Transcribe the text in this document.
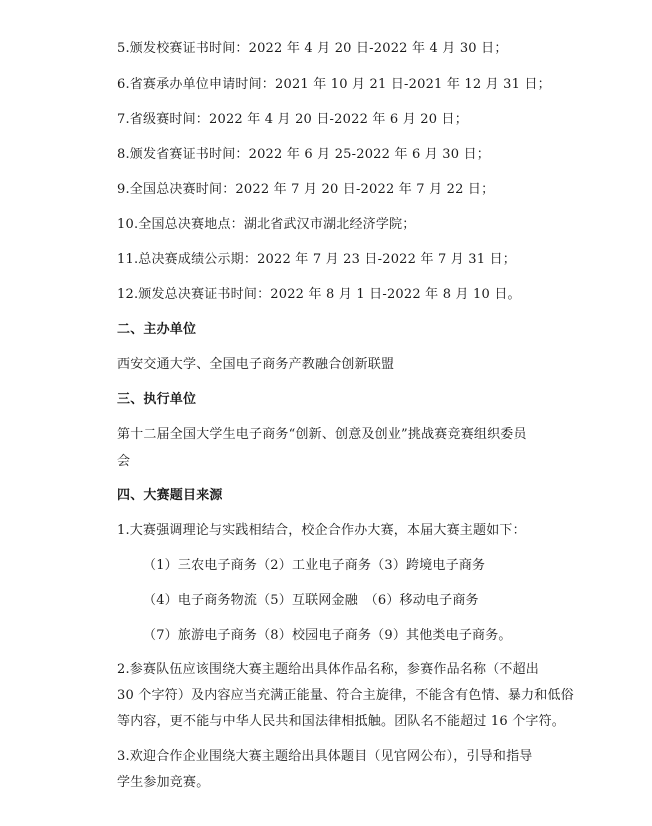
5.颁发校赛证书时间：2022 年 4 月 20 日-2022 年 4 月 30 日；
6.省赛承办单位申请时间：2021 年 10 月 21 日-2021 年 12 月 31 日；
7.省级赛时间：2022 年 4 月 20 日-2022 年 6 月 20 日；
8.颁发省赛证书时间：2022 年 6 月 25-2022 年 6 月 30 日；
9.全国总决赛时间：2022 年 7 月 20 日-2022 年 7 月 22 日；
10.全国总决赛地点：湖北省武汉市湖北经济学院；
11.总决赛成绩公示期：2022 年 7 月 23 日-2022 年 7 月 31 日；
12.颁发总决赛证书时间：2022 年 8 月 1 日-2022 年 8 月 10 日。
二、主办单位
西安交通大学、全国电子商务产教融合创新联盟
三、执行单位
第十二届全国大学生电子商务“创新、创意及创业”挑战赛竞赛组织委员
会
四、大赛题目来源
1.大赛强调理论与实践相结合，校企合作办大赛，本届大赛主题如下：
（1）三农电子商务（2）工业电子商务（3）跨境电子商务
（4）电子商务物流（5）互联网金融　（6）移动电子商务
（7）旅游电子商务（8）校园电子商务（9）其他类电子商务。
2.参赛队伍应该围绕大赛主题给出具体作品名称，参赛作品名称（不超出
30 个字符）及内容应当充满正能量、符合主旋律，不能含有色情、暴力和低俗
等内容，更不能与中华人民共和国法律相抵触。团队名不能超过 16 个字符。
3.欢迎合作企业围绕大赛主题给出具体题目（见官网公布），引导和指导
学生参加竞赛。
